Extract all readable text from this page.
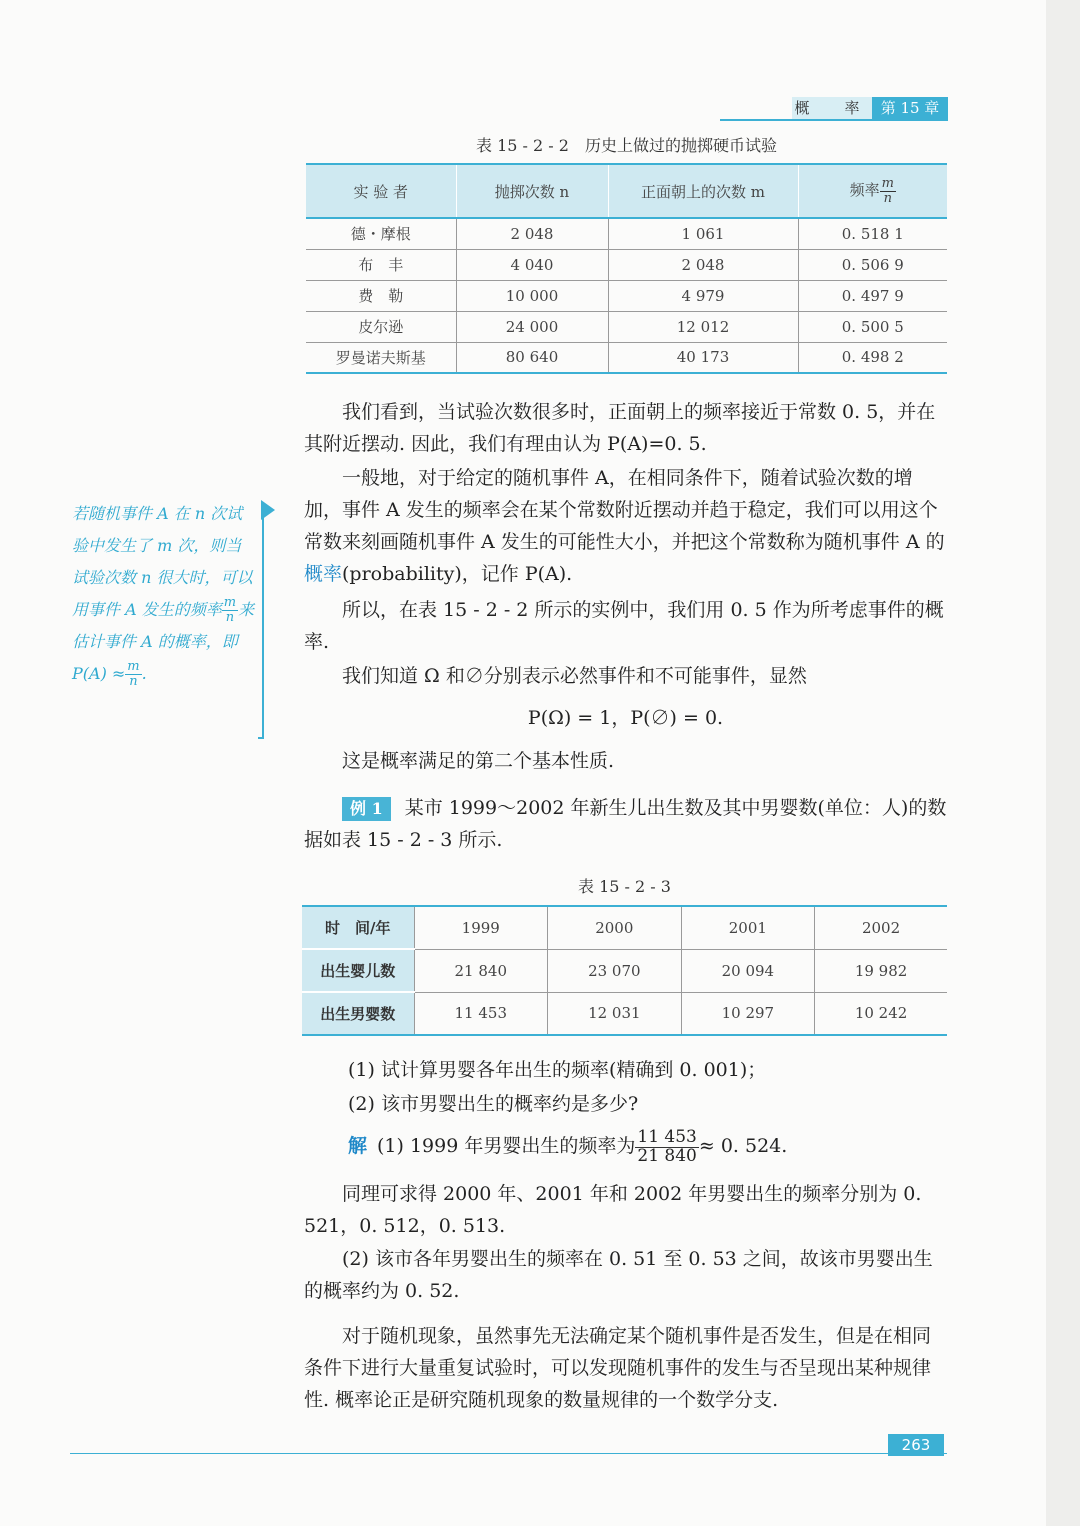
概　率 第 15 章
表 15 - 2 - 2　历史上做过的抛掷硬币试验
实 验 者	抛掷次数 n	正面朝上的次数 m	频率 $\frac{m}{n}$

德・摩根	2 048	1 061	0. 518 1
布　丰	4 040	2 048	0. 506 9
费　勒	10 000	4 979	0. 497 9
皮尔逊	24 000	12 012	0. 500 5
罗曼诺夫斯基	80 640	40 173	0. 498 2
我们看到，当试验次数很多时，正面朝上的频率接近于常数 0. 5，并在其附近摆动. 因此，我们有理由认为 P(A)=0. 5.
一般地，对于给定的随机事件 A，在相同条件下，随着试验次数的增加，事件 A 发生的频率会在某个常数附近摆动并趋于稳定，我们可以用这个常数来刻画随机事件 A 发生的可能性大小，并把这个常数称为随机事件 A 的概率(probability)，记作 P(A).
所以，在表 15 - 2 - 2 所示的实例中，我们用 0. 5 作为所考虑事件的概率.
我们知道 Ω 和∅分别表示必然事件和不可能事件，显然
P(Ω) = 1，P(∅) = 0.
这是概率满足的第二个基本性质.
若随机事件 A 在 n 次试验中发生了 m 次，则当试验次数 n 很大时，可以用事件 A 发生的频率 $\frac{m}{n}$ 来估计事件 A 的概率，即 $P(A) \approx \frac{m}{n}$ .
例 1 某市 1999～2002 年新生儿出生数及其中男婴数(单位：人)的数据如表 15 - 2 - 3 所示.
表 15 - 2 - 3
时　间/年	1999	2000	2001	2002
出生婴儿数	21 840	23 070	20 094	19 982
出生男婴数	11 453	12 031	10 297	10 242
(1) 试计算男婴各年出生的频率(精确到 0. 001)；
(2) 该市男婴出生的概率约是多少?
解 (1) 1999 年男婴出生的频率为 $\frac{11 453}{21 840} \approx 0$. 524.
同理可求得 2000 年、2001 年和 2002 年男婴出生的频率分别为 0. 521，0. 512，0. 513.
(2) 该市各年男婴出生的频率在 0. 51 至 0. 53 之间，故该市男婴出生的概率约为 0. 52.
对于随机现象，虽然事先无法确定某个随机事件是否发生，但是在相同条件下进行大量重复试验时，可以发现随机事件的发生与否呈现出某种规律性. 概率论正是研究随机现象的数量规律的一个数学分支.
263
